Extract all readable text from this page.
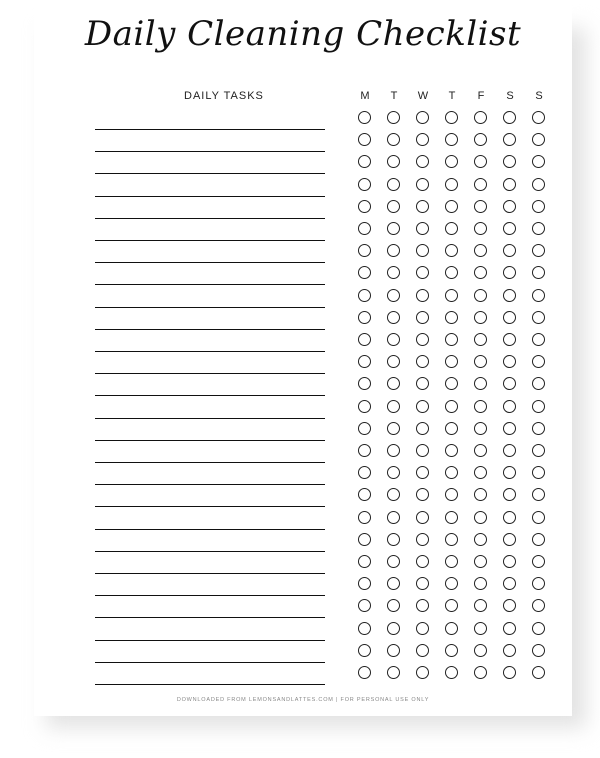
Daily Cleaning Checklist
DAILY TASKS	M	T	W	T	F	S	S
DOWNLOADED FROM LEMONSANDLATTES.COM | FOR PERSONAL USE ONLY
